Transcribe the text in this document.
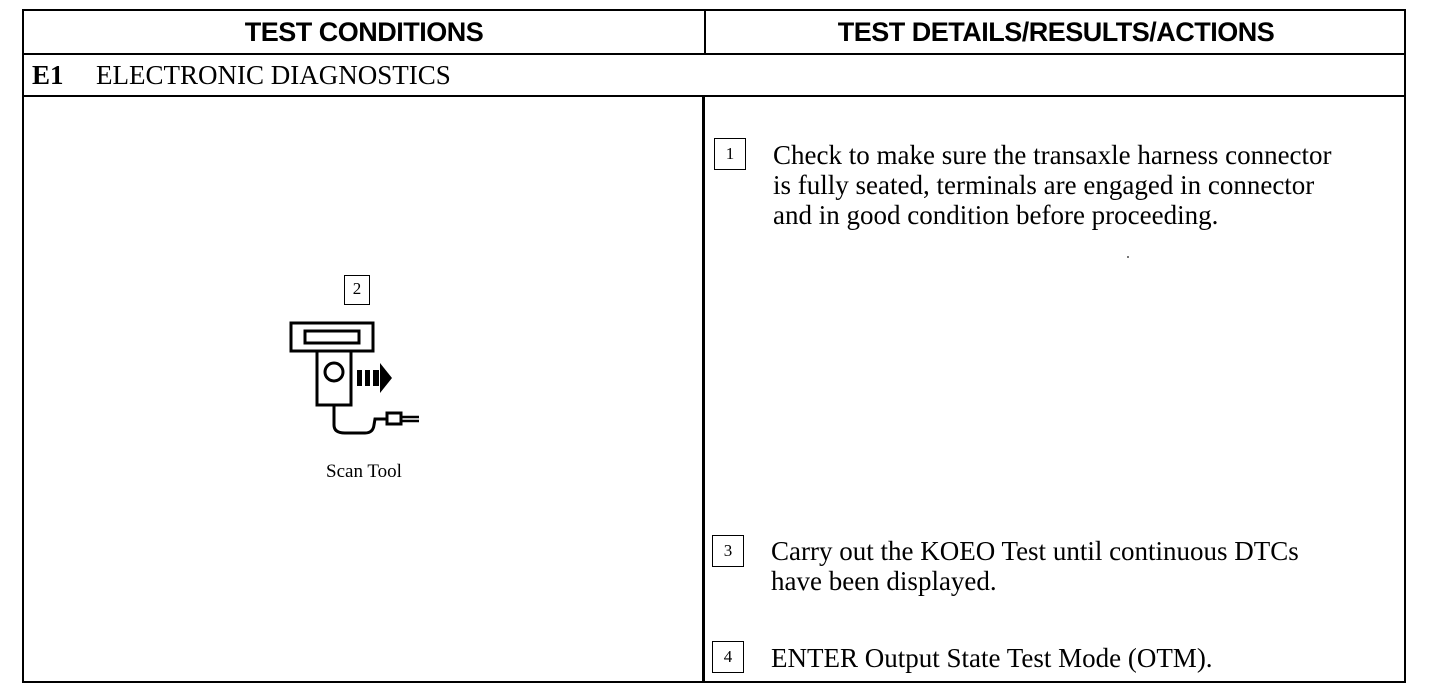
TEST CONDITIONS	TEST DETAILS/RESULTS/ACTIONS
E1 ELECTRONIC DIAGNOSTICS
2
Scan Tool
1	Check to make sure the transaxle harness connector
is fully seated, terminals are engaged in connector
and in good condition before proceeding.
3	Carry out the KOEO Test until continuous DTCs
have been displayed.
4	ENTER Output State Test Mode (OTM).
